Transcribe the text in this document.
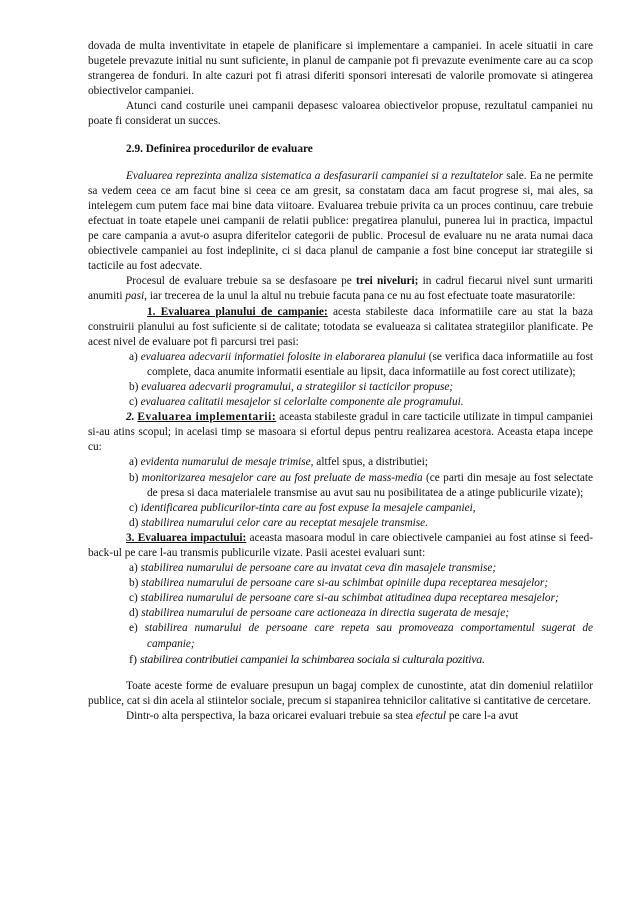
dovada de multa inventivitate in etapele de planificare si implementare a campaniei. In acele situatii in care bugetele prevazute initial nu sunt suficiente, in planul de campanie pot fi prevazute evenimente care au ca scop strangerea de fonduri. In alte cazuri pot fi atrasi diferiti sponsori interesati de valorile promovate si atingerea obiectivelor campaniei.

Atunci cand costurile unei campanii depasesc valoarea obiectivelor propuse, rezultatul campaniei nu poate fi considerat un succes.

2.9. Definirea procedurilor de evaluare

Evaluarea reprezinta analiza sistematica a desfasurarii campaniei si a rezultatelor sale. Ea ne permite sa vedem ceea ce am facut bine si ceea ce am gresit, sa constatam daca am facut progrese si, mai ales, sa intelegem cum putem face mai bine data viitoare. Evaluarea trebuie privita ca un proces continuu, care trebuie efectuat in toate etapele unei campanii de relatii publice: pregatirea planului, punerea lui in practica, impactul pe care campania a avut-o asupra diferitelor categorii de public. Procesul de evaluare nu ne arata numai daca obiectivele campaniei au fost indeplinite, ci si daca planul de campanie a fost bine conceput iar strategiile si tacticile au fost adecvate.

Procesul de evaluare trebuie sa se desfasoare pe trei niveluri; in cadrul fiecarui nivel sunt urmariti anumiti pasi, iar trecerea de la unul la altul nu trebuie facuta pana ce nu au fost efectuate toate masuratorile:

1. Evaluarea planului de campanie: acesta stabileste daca informatiile care au stat la baza construirii planului au fost suficiente si de calitate; totodata se evalueaza si calitatea strategiilor planificate. Pe acest nivel de evaluare pot fi parcursi trei pasi:

a) evaluarea adecvarii informatiei folosite in elaborarea planului (se verifica daca informatiile au fost complete, daca anumite informatii esentiale au lipsit, daca informatiile au fost corect utilizate);

b) evaluarea adecvarii programului, a strategiilor si tacticilor propuse;

c) evaluarea calitatii mesajelor si celorlalte componente ale programului.

2. Evaluarea implementarii: aceasta stabileste gradul in care tacticile utilizate in timpul campaniei si-au atins scopul; in acelasi timp se masoara si efortul depus pentru realizarea acestora. Aceasta etapa incepe cu:

a) evidenta numarului de mesaje trimise, altfel spus, a distributiei;

b) monitorizarea mesajelor care au fost preluate de mass-media (ce parti din mesaje au fost selectate de presa si daca materialele transmise au avut sau nu posibilitatea de a atinge publicurile vizate);

c) identificarea publicurilor-tinta care au fost expuse la mesajele campaniei,

d) stabilirea numarului celor care au receptat mesajele transmise.

3. Evaluarea impactului: aceasta masoara modul in care obiectivele campaniei au fost atinse si feed-back-ul pe care l-au transmis publicurile vizate. Pasii acestei evaluari sunt:

a) stabilirea numarului de persoane care au invatat ceva din masajele transmise;

b) stabilirea numarului de persoane care si-au schimbat opiniile dupa receptarea mesajelor;

c) stabilirea numarului de persoane care si-au schimbat atitudinea dupa receptarea mesajelor;

d) stabilirea numarului de persoane care actioneaza in directia sugerata de mesaje;

e) stabilirea numarului de persoane care repeta sau promoveaza comportamentul sugerat de campanie;

f) stabilirea contributiei campaniei la schimbarea sociala si culturala pozitiva.

Toate aceste forme de evaluare presupun un bagaj complex de cunostinte, atat din domeniul relatiilor publice, cat si din acela al stiintelor sociale, precum si stapanirea tehnicilor calitative si cantitative de cercetare.

Dintr-o alta perspectiva, la baza oricarei evaluari trebuie sa stea efectul pe care l-a avut
